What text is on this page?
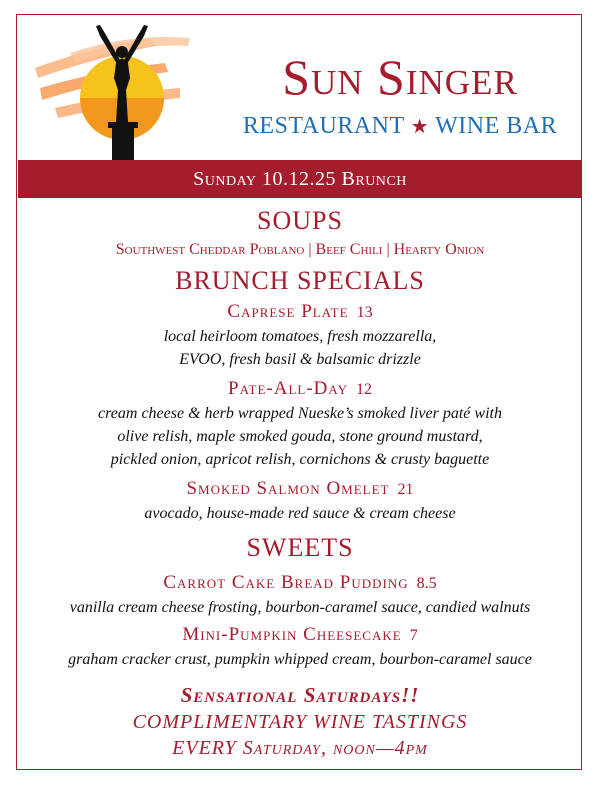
Sun Singer
RESTAURANT ★ WINE BAR
Sunday 10.12.25 Brunch
SOUPS
Southwest Cheddar Poblano | Beef Chili | Hearty Onion
BRUNCH SPECIALS
Caprese Plate 13
local heirloom tomatoes, fresh mozzarella,
EVOO, fresh basil & balsamic drizzle
Pate-All-Day 12
cream cheese & herb wrapped Nueske’s smoked liver paté with
olive relish, maple smoked gouda, stone ground mustard,
pickled onion, apricot relish, cornichons & crusty baguette
Smoked Salmon Omelet 21
avocado, house-made red sauce & cream cheese
SWEETS
Carrot Cake Bread Pudding 8.5
vanilla cream cheese frosting, bourbon-caramel sauce, candied walnuts
Mini-Pumpkin Cheesecake 7
graham cracker crust, pumpkin whipped cream, bourbon-caramel sauce
Sensational Saturdays!!
COMPLIMENTARY WINE TASTINGS
EVERY Saturday, noon—4pm
